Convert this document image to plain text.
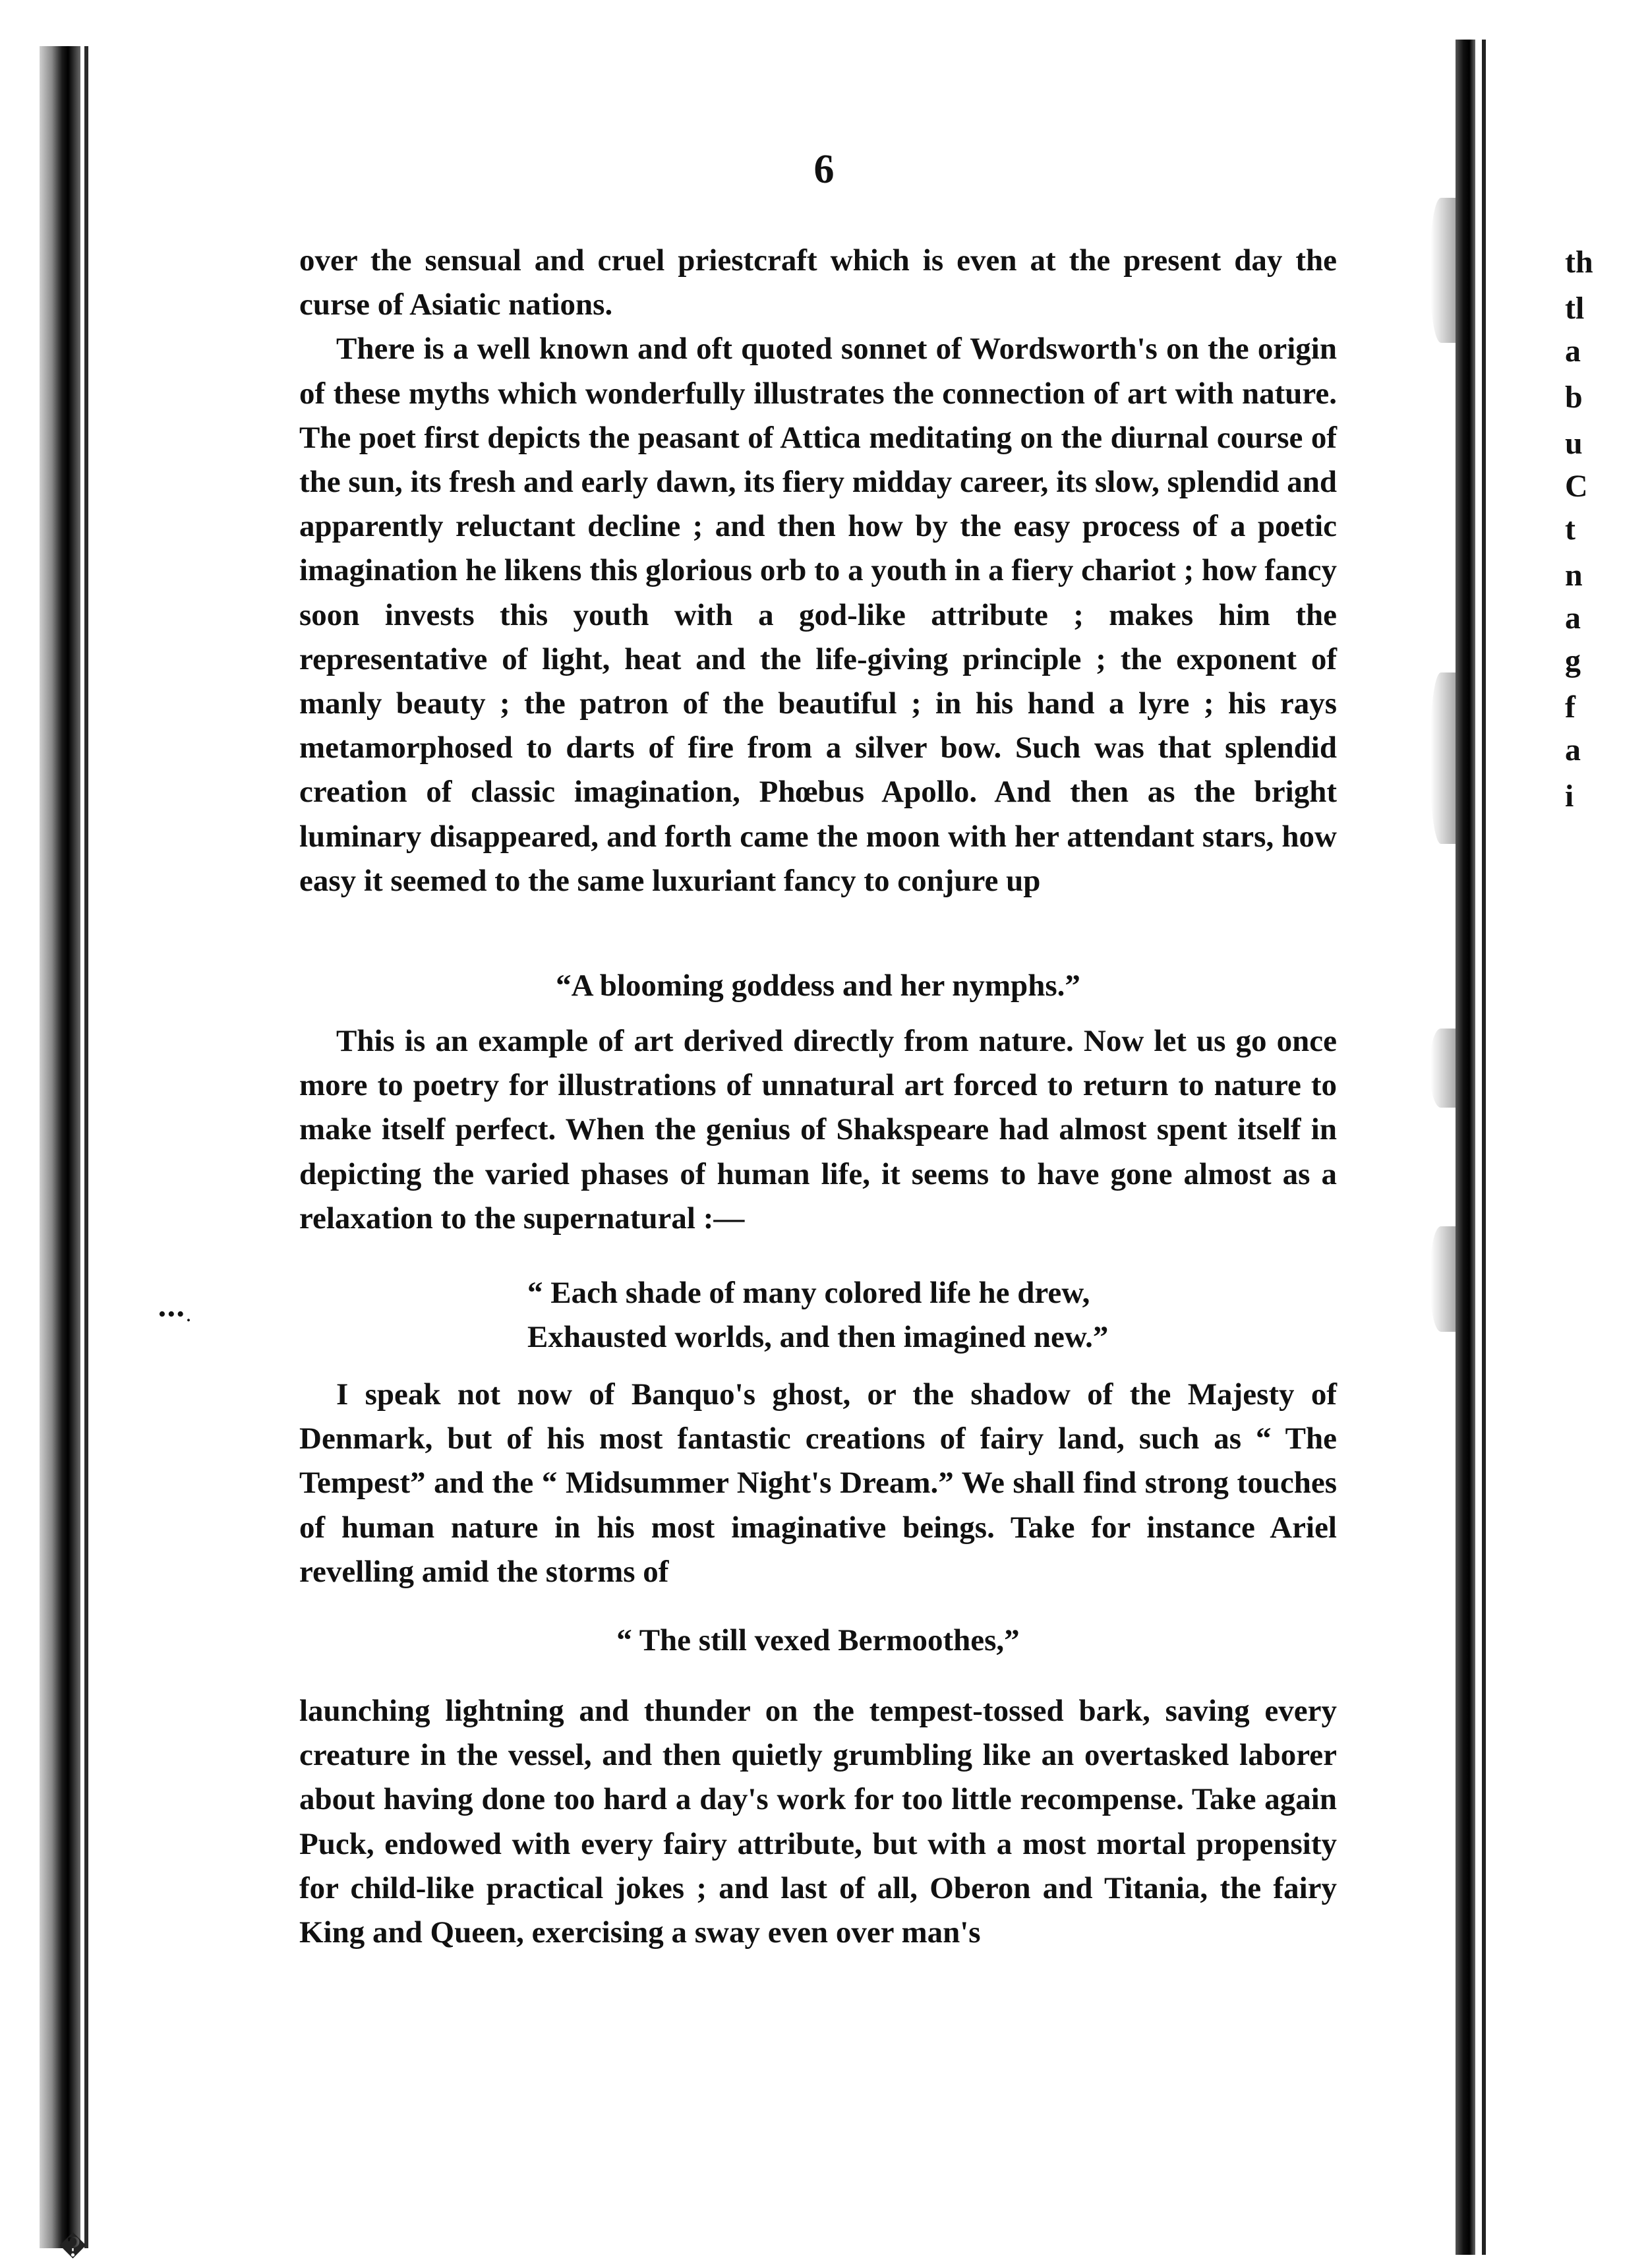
•••.
�
th
tl
a
b
u
C
t
n
a
g
f
a
i
6

over the sensual and cruel priestcraft which is even at the present day the curse of Asiatic nations.

There is a well known and oft quoted sonnet of Wordsworth's on the origin of these myths which wonderfully illustrates the connection of art with nature. The poet first depicts the peasant of Attica meditating on the diurnal course of the sun, its fresh and early dawn, its fiery midday career, its slow, splendid and apparently reluctant decline ; and then how by the easy process of a poetic imagination he likens this glorious orb to a youth in a fiery chariot ; how fancy soon invests this youth with a god-like attribute ; makes him the representative of light, heat and the life-giving principle ; the exponent of manly beauty ; the patron of the beautiful ; in his hand a lyre ; his rays metamorphosed to darts of fire from a silver bow. Such was that splendid creation of classic imagination, Phœbus Apollo. And then as the bright luminary disappeared, and forth came the moon with her attendant stars, how easy it seemed to the same luxuriant fancy to conjure up

“A blooming goddess and her nymphs.”

This is an example of art derived directly from nature. Now let us go once more to poetry for illustrations of unnatural art forced to return to nature to make itself perfect. When the genius of Shakspeare had almost spent itself in depicting the varied phases of human life, it seems to have gone almost as a relaxation to the supernatural :—

“ Each shade of many colored life he drew,
Exhausted worlds, and then imagined new.”

I speak not now of Banquo's ghost, or the shadow of the Majesty of Denmark, but of his most fantastic creations of fairy land, such as “ The Tempest” and the “ Midsummer Night's Dream.” We shall find strong touches of human nature in his most imaginative beings. Take for instance Ariel revelling amid the storms of

“ The still vexed Bermoothes,”

launching lightning and thunder on the tempest-tossed bark, saving every creature in the vessel, and then quietly grumbling like an overtasked laborer about having done too hard a day's work for too little recompense. Take again Puck, endowed with every fairy attribute, but with a most mortal propensity for child-like practical jokes ; and last of all, Oberon and Titania, the fairy King and Queen, exercising a sway even over man's
